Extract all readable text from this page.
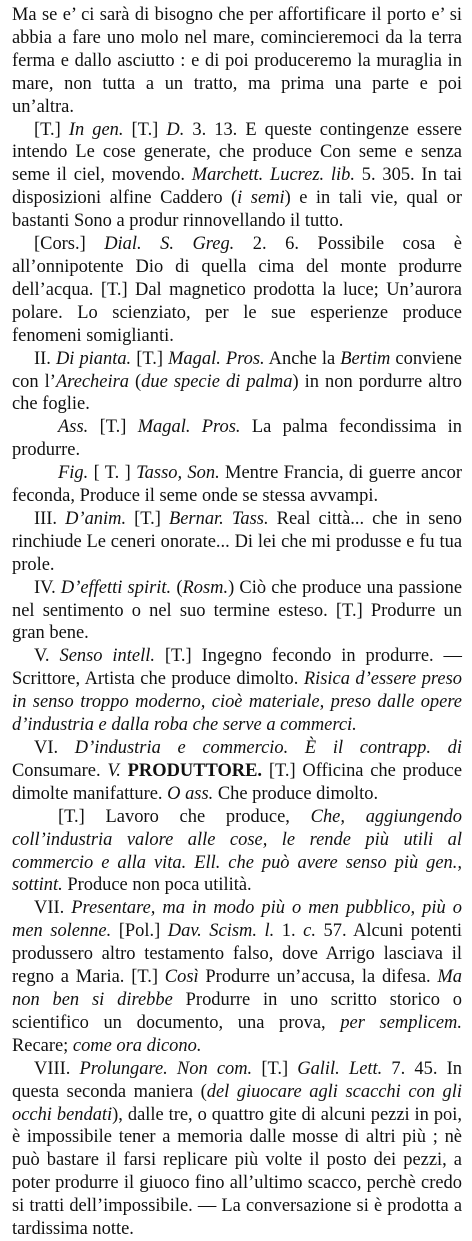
Ma se e’ ci sarà di bisogno che per affortificare il porto e’ si abbia a fare uno molo nel mare, comincieremoci da la terra ferma e dallo asciutto : e di poi produceremo la muraglia in mare, non tutta a un tratto, ma prima una parte e poi un’altra.

[T.] In gen. [T.] D. 3. 13. E queste contingenze essere intendo Le cose generate, che produce Con seme e senza seme il ciel, movendo. Marchett. Lucrez. lib. 5. 305. In tai disposizioni alfine Caddero (i semi) e in tali vie, qual or bastanti Sono a produr rinnovellando il tutto.

[Cors.] Dial. S. Greg. 2. 6. Possibile cosa è all’onnipotente Dio di quella cima del monte produrre dell’acqua. [T.] Dal magnetico prodotta la luce; Un’aurora polare. Lo scienziato, per le sue esperienze produce fenomeni somiglianti.

II. Di pianta. [T.] Magal. Pros. Anche la Bertim conviene con l’Arecheira (due specie di palma) in non pordurre altro che foglie.

Ass. [T.] Magal. Pros. La palma fecondissima in produrre.

Fig. [ T. ] Tasso, Son. Mentre Francia, di guerre ancor feconda, Produce il seme onde se stessa avvampi.

III. D’anim. [T.] Bernar. Tass. Real città... che in seno rinchiude Le ceneri onorate... Di lei che mi produsse e fu tua prole.

IV. D’effetti spirit. (Rosm.) Ciò che produce una passione nel sentimento o nel suo termine esteso. [T.] Produrre un gran bene.

V. Senso intell. [T.] Ingegno fecondo in produrre. — Scrittore, Artista che produce dimolto. Risica d’essere preso in senso troppo moderno, cioè materiale, preso dalle opere d’industria e dalla roba che serve a commerci.

VI. D’industria e commercio. È il contrapp. di Consumare. V. PRODUTTORE. [T.] Officina che produce dimolte manifatture. O ass. Che produce dimolto.

[T.] Lavoro che produce, Che, aggiungendo coll’industria valore alle cose, le rende più utili al commercio e alla vita. Ell. che può avere senso più gen., sottint. Produce non poca utilità.

VII. Presentare, ma in modo più o men pubblico, più o men solenne. [Pol.] Dav. Scism. l. 1. c. 57. Alcuni potenti produssero altro testamento falso, dove Arrigo lasciava il regno a Maria. [T.] Così Produrre un’accusa, la difesa. Ma non ben si direbbe Produrre in uno scritto storico o scientifico un documento, una prova, per semplicem. Recare; come ora dicono.

VIII. Prolungare. Non com. [T.] Galil. Lett. 7. 45. In questa seconda maniera (del giuocare agli scacchi con gli occhi bendati), dalle tre, o quattro gite di alcuni pezzi in poi, è impossibile tener a memoria dalle mosse di altri più ; nè può bastare il farsi replicare più volte il posto dei pezzi, a poter produrre il giuoco fino all’ultimo scacco, perchè credo si tratti dell’impossibile. — La conversazione si è prodotta a tardissima notte.
